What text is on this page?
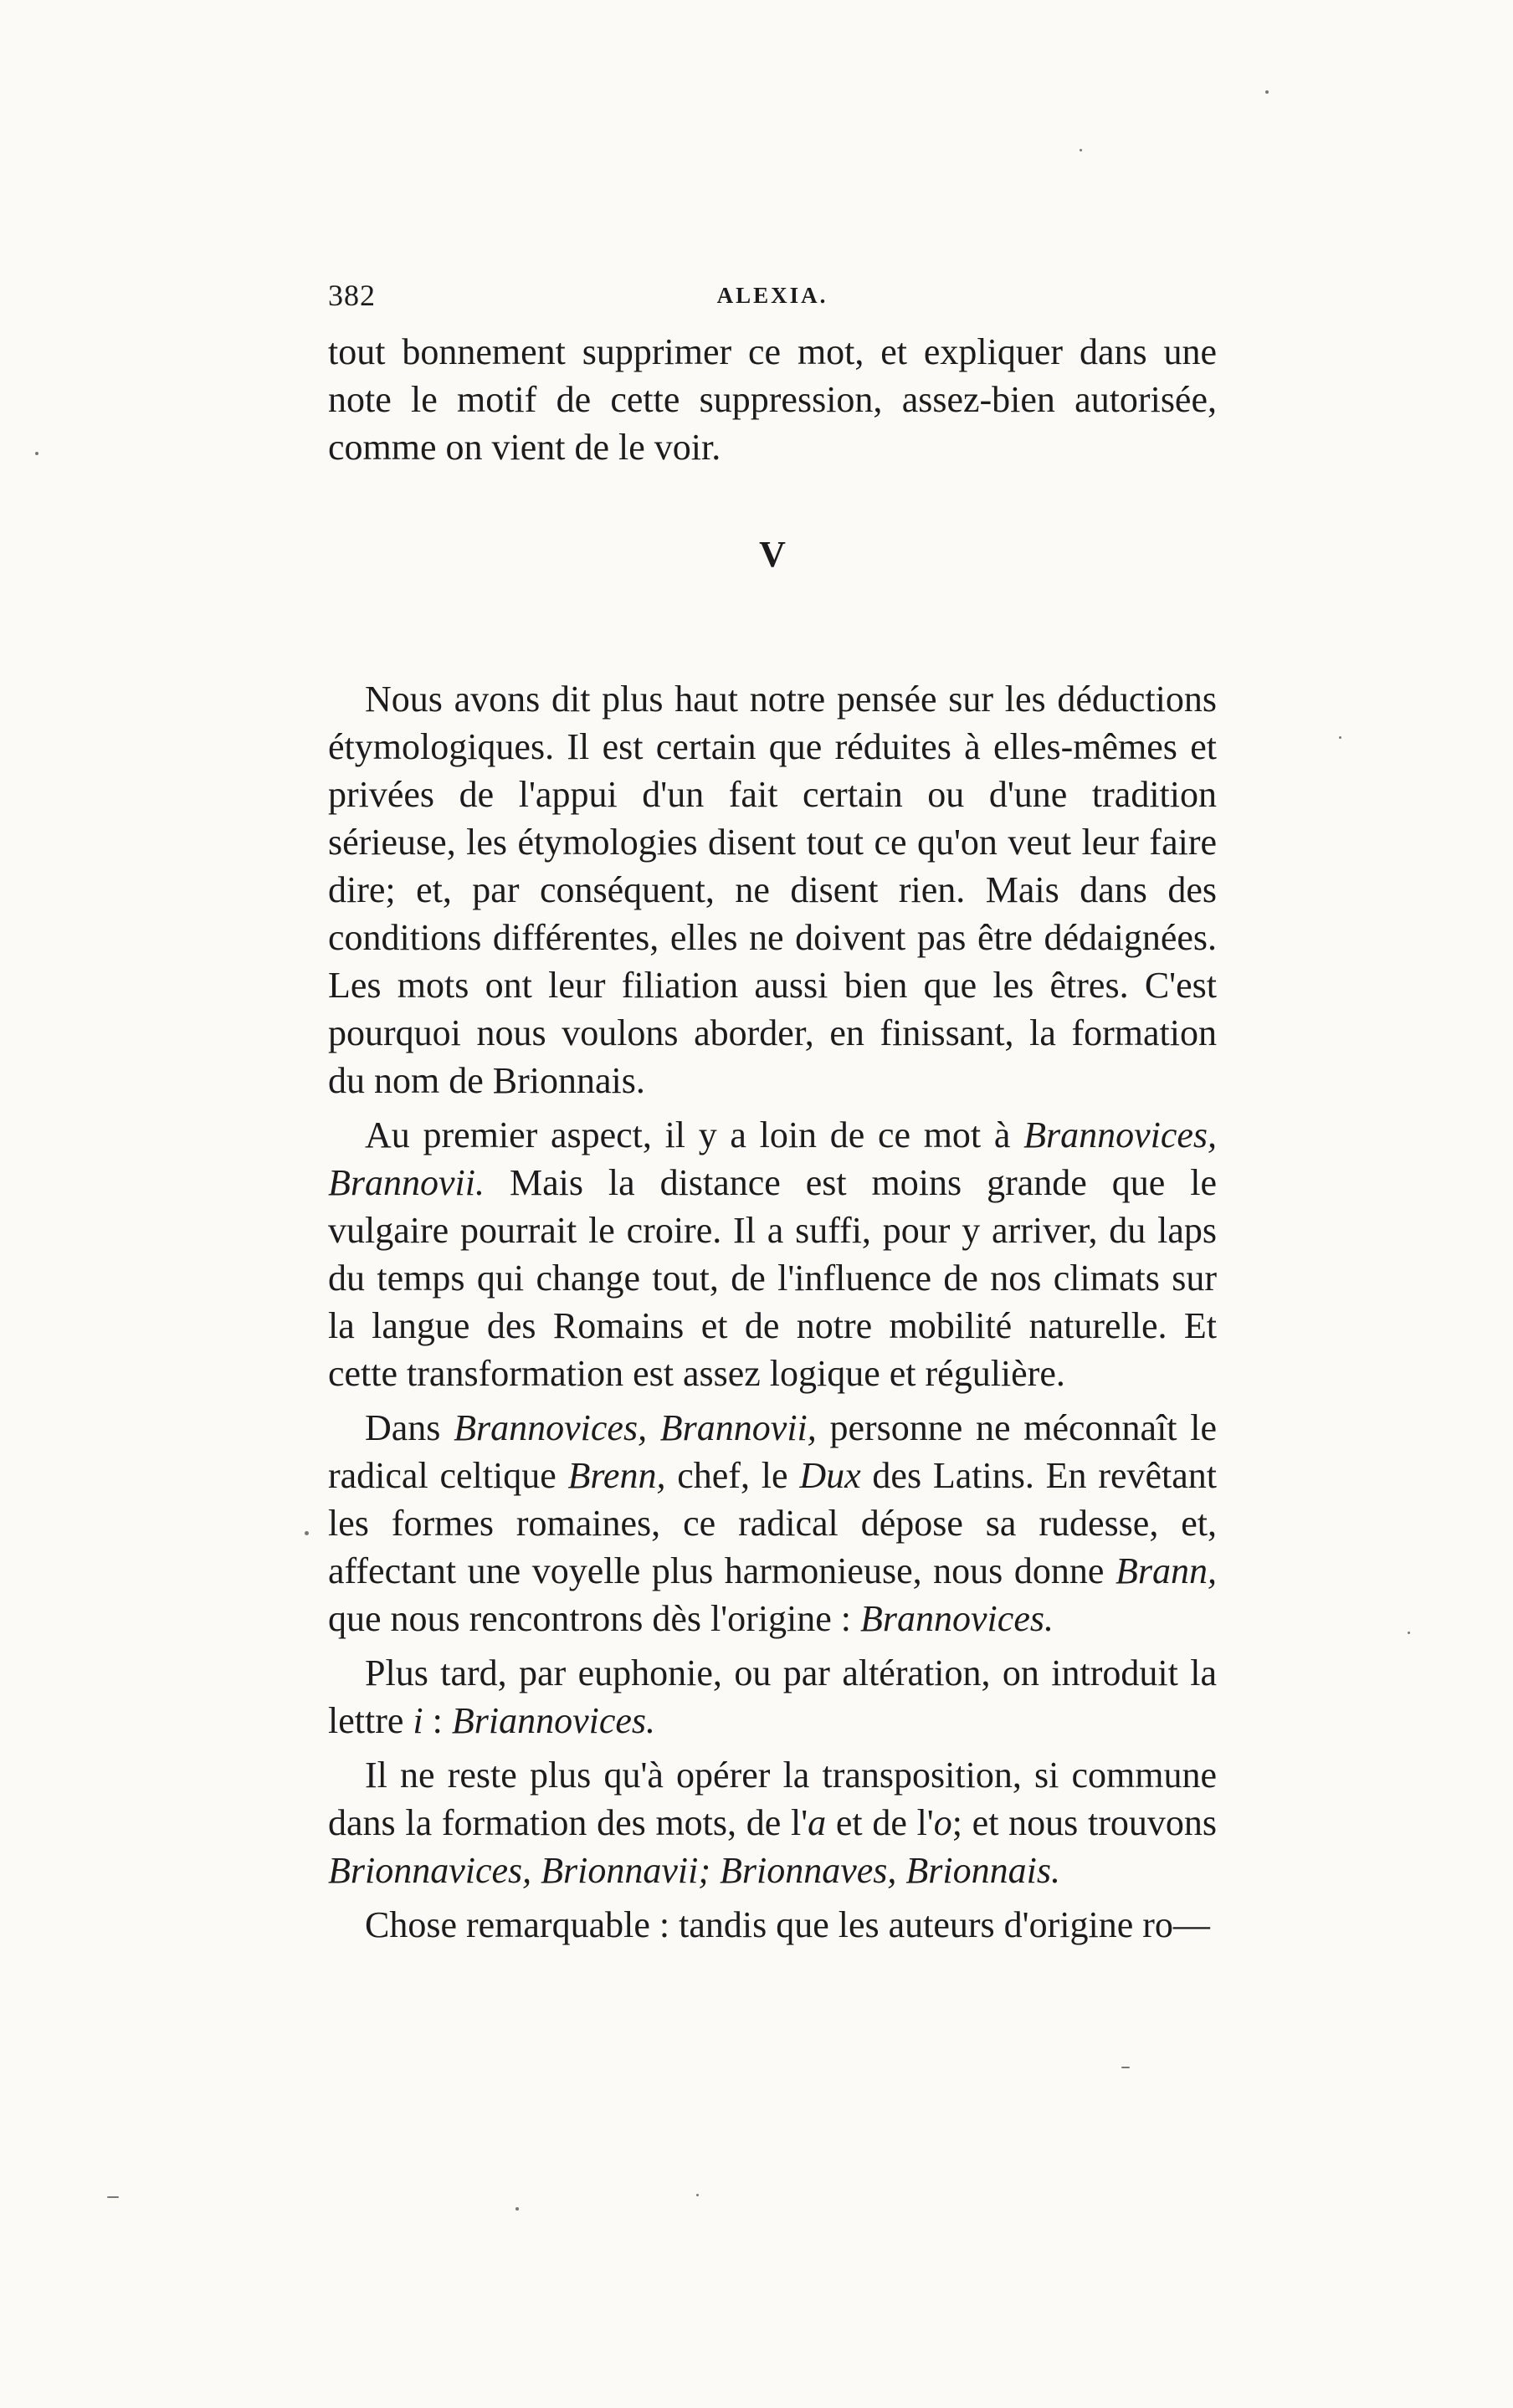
382	ALEXIA.

tout bonnement supprimer ce mot, et expliquer dans une note le motif de cette suppression, assez‑bien autorisée, comme on vient de le voir.

V

Nous avons dit plus haut notre pensée sur les déductions étymologiques. Il est certain que réduites à elles-mêmes et privées de l'appui d'un fait certain ou d'une tradition sérieuse, les étymologies disent tout ce qu'on veut leur faire dire; et, par conséquent, ne disent rien. Mais dans des conditions différentes, elles ne doivent pas être dédaignées. Les mots ont leur filiation aussi bien que les êtres. C'est pourquoi nous voulons aborder, en finissant, la formation du nom de Brionnais.

Au premier aspect, il y a loin de ce mot à Brannovices, Brannovii. Mais la distance est moins grande que le vulgaire pourrait le croire. Il a suffi, pour y arriver, du laps du temps qui change tout, de l'influence de nos climats sur la langue des Romains et de notre mobilité naturelle. Et cette transformation est assez logique et régulière.

Dans Brannovices, Brannovii, personne ne méconnaît le radical celtique Brenn, chef, le Dux des Latins. En revêtant les formes romaines, ce radical dépose sa rudesse, et, affectant une voyelle plus harmonieuse, nous donne Brann, que nous rencontrons dès l'origine : Brannovices.

Plus tard, par euphonie, ou par altération, on introduit la lettre i : Briannovices.

Il ne reste plus qu'à opérer la transposition, si commune dans la formation des mots, de l'a et de l'o; et nous trouvons Brionnavices, Brionnavii; Brionnaves, Brionnais.

Chose remarquable : tandis que les auteurs d'origine ro—
